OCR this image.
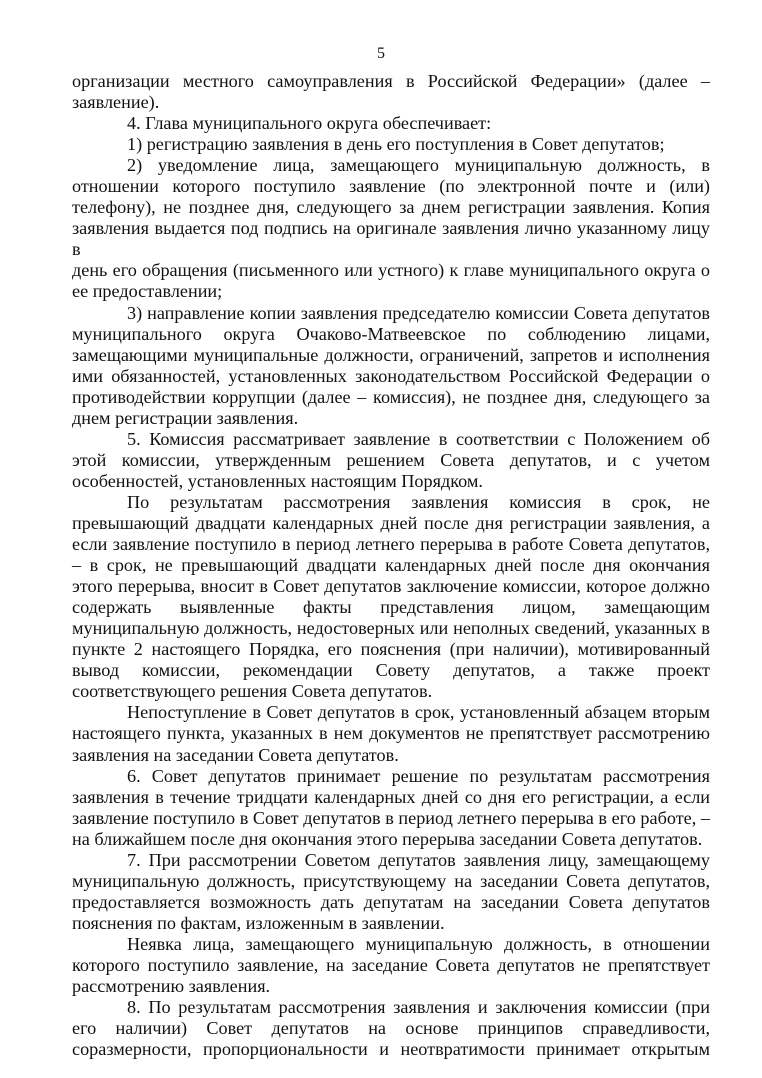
5

организации местного самоуправления в Российской Федерации» (далее –

заявление).

4. Глава муниципального округа обеспечивает:

1) регистрацию заявления в день его поступления в Совет депутатов;

2) уведомление лица, замещающего муниципальную должность, в

отношении которого поступило заявление (по электронной почте и (или)

телефону), не позднее дня, следующего за днем регистрации заявления. Копия

заявления выдается под подпись на оригинале заявления лично указанному лицу в

день его обращения (письменного или устного) к главе муниципального округа о

ее предоставлении;

3) направление копии заявления председателю комиссии Совета депутатов

муниципального округа Очаково-Матвеевское по соблюдению лицами,

замещающими муниципальные должности, ограничений, запретов и исполнения

ими обязанностей, установленных законодательством Российской Федерации о

противодействии коррупции (далее – комиссия), не позднее дня, следующего за

днем регистрации заявления.

5. Комиссия рассматривает заявление в соответствии с Положением об

этой комиссии, утвержденным решением Совета депутатов, и с учетом

особенностей, установленных настоящим Порядком.

По результатам рассмотрения заявления комиссия в срок, не

превышающий двадцати календарных дней после дня регистрации заявления, а

если заявление поступило в период летнего перерыва в работе Совета депутатов,

– в срок, не превышающий двадцати календарных дней после дня окончания

этого перерыва, вносит в Совет депутатов заключение комиссии, которое должно

содержать выявленные факты представления лицом, замещающим

муниципальную должность, недостоверных или неполных сведений, указанных в

пункте 2 настоящего Порядка, его пояснения (при наличии), мотивированный

вывод комиссии, рекомендации Совету депутатов, а также проект

соответствующего решения Совета депутатов.

Непоступление в Совет депутатов в срок, установленный абзацем вторым

настоящего пункта, указанных в нем документов не препятствует рассмотрению

заявления на заседании Совета депутатов.

6. Совет депутатов принимает решение по результатам рассмотрения

заявления в течение тридцати календарных дней со дня его регистрации, а если

заявление поступило в Совет депутатов в период летнего перерыва в его работе, –

на ближайшем после дня окончания этого перерыва заседании Совета депутатов.

7. При рассмотрении Советом депутатов заявления лицу, замещающему

муниципальную должность, присутствующему на заседании Совета депутатов,

предоставляется возможность дать депутатам на заседании Совета депутатов

пояснения по фактам, изложенным в заявлении.

Неявка лица, замещающего муниципальную должность, в отношении

которого поступило заявление, на заседание Совета депутатов не препятствует

рассмотрению заявления.

8. По результатам рассмотрения заявления и заключения комиссии (при

его наличии) Совет депутатов на основе принципов справедливости,

соразмерности, пропорциональности и неотвратимости принимает открытым
